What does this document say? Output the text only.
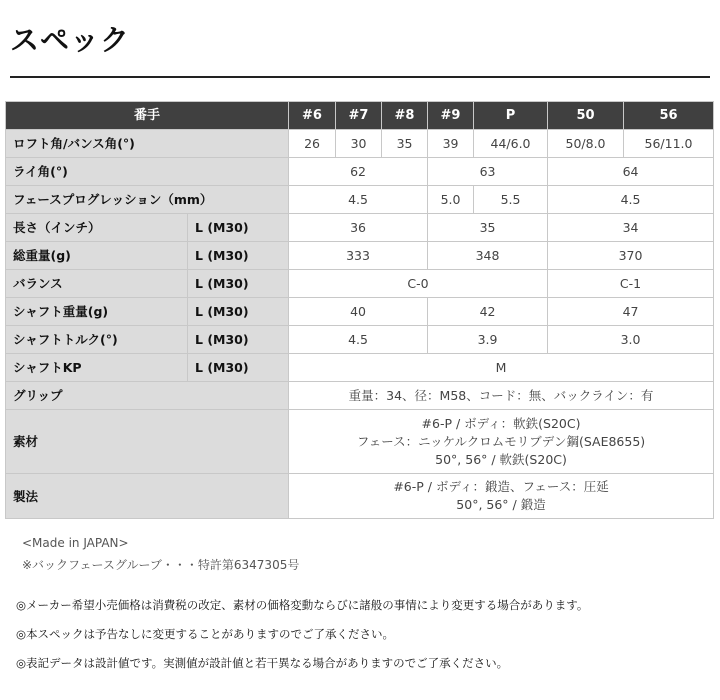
スペック
番手		#6	#7	#8	#9	P	50	56
ロフト角/バンス角(°)		26	30	35	39	44/6.0	50/8.0	56/11.0
ライ角(°)		62			63		64	
フェースプログレッション（mm）		4.5			5.0	5.5	4.5	
長さ（インチ）	L (M30)	36			35		34	
総重量(g)	L (M30)	333			348		370	
バランス	L (M30)	C-0					C-1	
シャフト重量(g)	L (M30)	40			42		47	
シャフトトルク(°)	L (M30)	4.5			3.9		3.0	
シャフトKP	L (M30)	M						
グリップ		重量：34、径：M58、コード：無、バックライン：有						
素材		#6-P / ボディ：軟鉄(S20C)
フェース：ニッケルクロムモリブデン鋼(SAE8655)
50°, 56° / 軟鉄(S20C)						

製法		#6-P / ボディ：鍛造、フェース：圧延
50°, 56° / 鍛造						

<Made in JAPAN>

※バックフェースグルーブ・・・特許第6347305号

◎メーカー希望小売価格は消費税の改定、素材の価格変動ならびに諸般の事情により変更する場合があります。

◎本スペックは予告なしに変更することがありますのでご了承ください。

◎表記データは設計値です。実測値が設計値と若干異なる場合がありますのでご了承ください。
